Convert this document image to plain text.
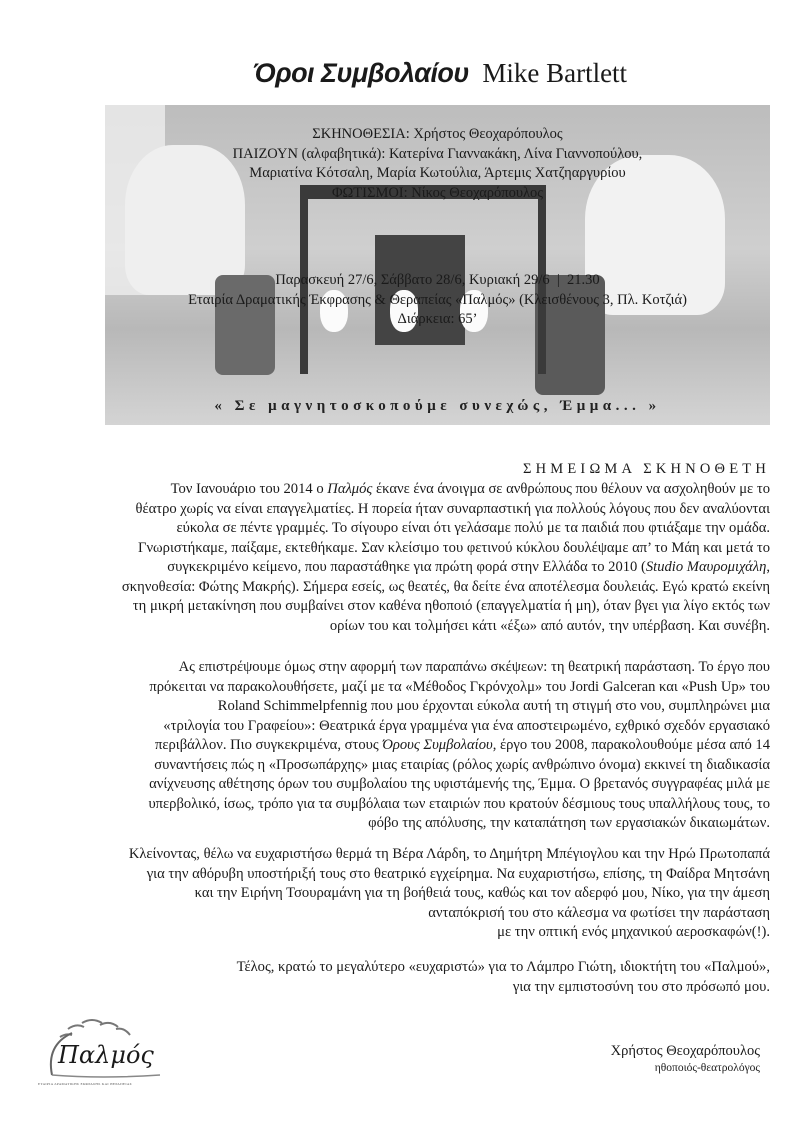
Όροι Συμβολαίου Mike Bartlett
ΣΚΗΝΟΘΕΣΙΑ: Χρήστος Θεοχαρόπουλος
ΠΑΙΖΟΥΝ (αλφαβητικά): Κατερίνα Γιαννακάκη, Λίνα Γιαννοπούλου,
Μαριατίνα Κότσαλη, Μαρία Κωτούλια, Άρτεμις Χατζηαργυρίου
ΦΩΤΙΣΜΟΙ: Νίκος Θεοχαρόπουλος
Παρασκευή 27/6, Σάββατο 28/6, Κυριακή 29/6  |  21.30
Εταιρία Δραματικής Έκφρασης & Θεραπείας «Παλμός» (Κλεισθένους 3, Πλ. Κοτζιά)
Διάρκεια: 65’
« Σε μαγνητοσκοπούμε συνεχώς, Έμμα... »
ΣΗΜΕΙΩΜΑ ΣΚΗΝΟΘΕΤΗ
Τον Ιανουάριο του 2014 ο Παλμός έκανε ένα άνοιγμα σε ανθρώπους που θέλουν να ασχοληθούν με το
θέατρο χωρίς να είναι επαγγελματίες. Η πορεία ήταν συναρπαστική για πολλούς λόγους που δεν αναλύονται
εύκολα σε πέντε γραμμές. Το σίγουρο είναι ότι γελάσαμε πολύ με τα παιδιά που φτιάξαμε την ομάδα.
Γνωριστήκαμε, παίξαμε, εκτεθήκαμε. Σαν κλείσιμο του φετινού κύκλου δουλέψαμε απ’ το Μάη και μετά το
συγκεκριμένο κείμενο, που παραστάθηκε για πρώτη φορά στην Ελλάδα το 2010 (Studio Μαυρομιχάλη,
σκηνοθεσία: Φώτης Μακρής). Σήμερα εσείς, ως θεατές, θα δείτε ένα αποτέλεσμα δουλειάς. Εγώ κρατώ εκείνη
τη μικρή μετακίνηση που συμβαίνει στον καθένα ηθοποιό (επαγγελματία ή μη), όταν βγει για λίγο εκτός των
ορίων του και τολμήσει κάτι «έξω» από αυτόν, την υπέρβαση. Και συνέβη.
Ας επιστρέψουμε όμως στην αφορμή των παραπάνω σκέψεων: τη θεατρική παράσταση. Το έργο που
πρόκειται να παρακολουθήσετε, μαζί με τα «Μέθοδος Γκρόνχολμ» του Jordi Galceran και «Push Up» του
Roland Schimmelpfennig που μου έρχονται εύκολα αυτή τη στιγμή στο νου, συμπληρώνει μια
«τριλογία του Γραφείου»: Θεατρικά έργα γραμμένα για ένα αποστειρωμένο, εχθρικό σχεδόν εργασιακό
περιβάλλον. Πιο συγκεκριμένα, στους Όρους Συμβολαίου, έργο του 2008, παρακολουθούμε μέσα από 14
συναντήσεις πώς η «Προσωπάρχης» μιας εταιρίας (ρόλος χωρίς ανθρώπινο όνομα) εκκινεί τη διαδικασία
ανίχνευσης αθέτησης όρων του συμβολαίου της υφιστάμενής της, Έμμα. Ο βρετανός συγγραφέας μιλά με
υπερβολικό, ίσως, τρόπο για τα συμβόλαια των εταιριών που κρατούν δέσμιους τους υπαλλήλους τους, το
φόβο της απόλυσης, την καταπάτηση των εργασιακών δικαιωμάτων.
Κλείνοντας, θέλω να ευχαριστήσω θερμά τη Βέρα Λάρδη, το Δημήτρη Μπέγιογλου και την Ηρώ Πρωτοπαπά
για την αθόρυβη υποστήριξή τους στο θεατρικό εγχείρημα. Να ευχαριστήσω, επίσης, τη Φαίδρα Μητσάνη
και την Ειρήνη Τσουραμάνη για τη βοήθειά τους, καθώς και τον αδερφό μου, Νίκο, για την άμεση
ανταπόκρισή του στο κάλεσμα να φωτίσει την παράσταση
με την οπτική ενός μηχανικού αεροσκαφών(!).
Τέλος, κρατώ το μεγαλύτερο «ευχαριστώ» για το Λάμπρο Γιώτη, ιδιοκτήτη του «Παλμού»,
για την εμπιστοσύνη του στο πρόσωπό μου.
Παλμός
ΕΤΑΙΡΙΑ ΔΡΑΜΑΤΙΚΗΣ ΕΚΦΡΑΣΗΣ ΚΑΙ ΘΕΡΑΠΕΙΑΣ
Χρήστος Θεοχαρόπουλος
ηθοποιός-θεατρολόγος
